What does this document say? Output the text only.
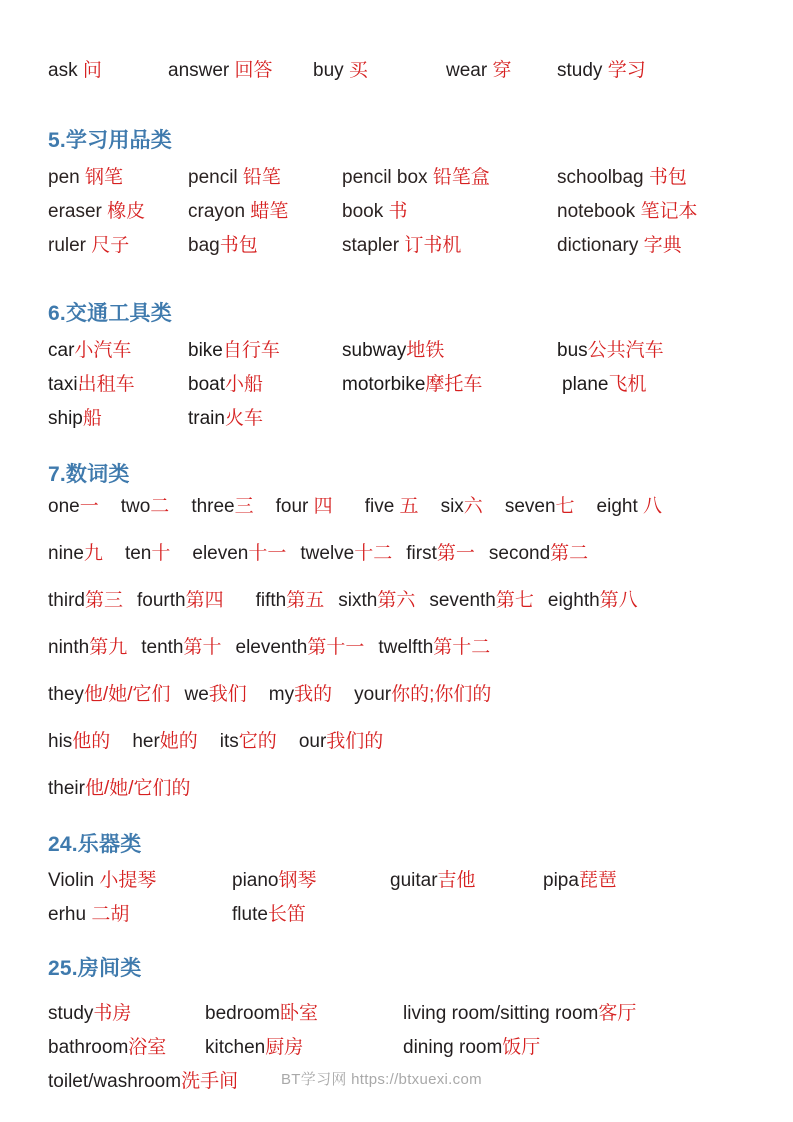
ask 问	answer 回答 buy 买	wear 穿 study 学习
5.学习用品类
pen 钢笔	pencil 铅笔	pencil box 铅笔盒	schoolbag 书包
eraser 橡皮 crayon 蜡笔	book 书	notebook 笔记本
ruler 尺子	bag书包	stapler 订书机	dictionary 字典
6.交通工具类
car小汽车	bike自行车	subway地铁	bus公共汽车
taxi出租车	boat小船	motorbike摩托车	plane飞机
ship船	train火车
7.数词类
one一 two二 three三 four 四 five 五 six六 seven七 eight 八
nine九 ten十 eleven十一 twelve十二 first第一 second第二
third第三 fourth第四 fifth第五 sixth第六 seventh第七 eighth第八
ninth第九 tenth第十 eleventh第十一 twelfth第十二
they他/她/它们 we我们 my我的 your你的;你们的
his他的 her她的 its它的 our我们的
their他/她/它们的
24.乐器类
Violin 小提琴	piano钢琴	guitar吉他	pipa琵琶
erhu 二胡	flute长笛
25.房间类
study书房	bedroom卧室	living room/sitting room客厅
bathroom浴室 kitchen厨房	dining room饭厅
toilet/washroom洗手间	BT学习网 https://btxuexi.com
